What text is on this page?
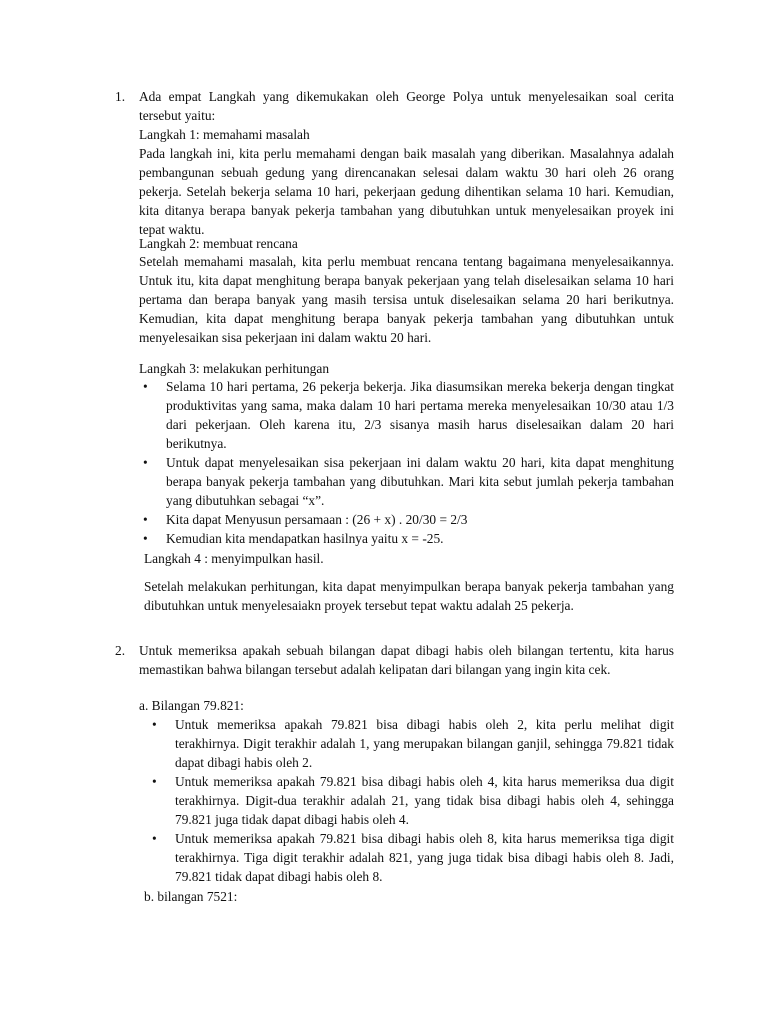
1. Ada empat Langkah yang dikemukakan oleh George Polya untuk menyelesaikan soal cerita tersebut yaitu:

Langkah 1: memahami masalah

Pada langkah ini, kita perlu memahami dengan baik masalah yang diberikan. Masalahnya adalah pembangunan sebuah gedung yang direncanakan selesai dalam waktu 30 hari oleh 26 orang pekerja. Setelah bekerja selama 10 hari, pekerjaan gedung dihentikan selama 10 hari. Kemudian, kita ditanya berapa banyak pekerja tambahan yang dibutuhkan untuk menyelesaikan proyek ini tepat waktu.

Langkah 2: membuat rencana

Setelah memahami masalah, kita perlu membuat rencana tentang bagaimana menyelesaikannya. Untuk itu, kita dapat menghitung berapa banyak pekerjaan yang telah diselesaikan selama 10 hari pertama dan berapa banyak yang masih tersisa untuk diselesaikan selama 20 hari berikutnya. Kemudian, kita dapat menghitung berapa banyak pekerja tambahan yang dibutuhkan untuk menyelesaikan sisa pekerjaan ini dalam waktu 20 hari.

Langkah 3: melakukan perhitungan

• Selama 10 hari pertama, 26 pekerja bekerja. Jika diasumsikan mereka bekerja dengan tingkat produktivitas yang sama, maka dalam 10 hari pertama mereka menyelesaikan 10/30 atau 1/3 dari pekerjaan. Oleh karena itu, 2/3 sisanya masih harus diselesaikan dalam 20 hari berikutnya.
• Untuk dapat menyelesaikan sisa pekerjaan ini dalam waktu 20 hari, kita dapat menghitung berapa banyak pekerja tambahan yang dibutuhkan. Mari kita sebut jumlah pekerja tambahan yang dibutuhkan sebagai “x”.
• Kita dapat Menyusun persamaan : (26 + x) . 20/30 = 2/3
• Kemudian kita mendapatkan hasilnya yaitu x = -25.

Langkah 4 : menyimpulkan hasil.

Setelah melakukan perhitungan, kita dapat menyimpulkan berapa banyak pekerja tambahan yang dibutuhkan untuk menyelesaiakn proyek tersebut tepat waktu adalah 25 pekerja.

2. Untuk memeriksa apakah sebuah bilangan dapat dibagi habis oleh bilangan tertentu, kita harus memastikan bahwa bilangan tersebut adalah kelipatan dari bilangan yang ingin kita cek.

a. Bilangan 79.821:

• Untuk memeriksa apakah 79.821 bisa dibagi habis oleh 2, kita perlu melihat digit terakhirnya. Digit terakhir adalah 1, yang merupakan bilangan ganjil, sehingga 79.821 tidak dapat dibagi habis oleh 2.
• Untuk memeriksa apakah 79.821 bisa dibagi habis oleh 4, kita harus memeriksa dua digit terakhirnya. Digit-dua terakhir adalah 21, yang tidak bisa dibagi habis oleh 4, sehingga 79.821 juga tidak dapat dibagi habis oleh 4.
• Untuk memeriksa apakah 79.821 bisa dibagi habis oleh 8, kita harus memeriksa tiga digit terakhirnya. Tiga digit terakhir adalah 821, yang juga tidak bisa dibagi habis oleh 8. Jadi, 79.821 tidak dapat dibagi habis oleh 8.

b. bilangan 7521:
